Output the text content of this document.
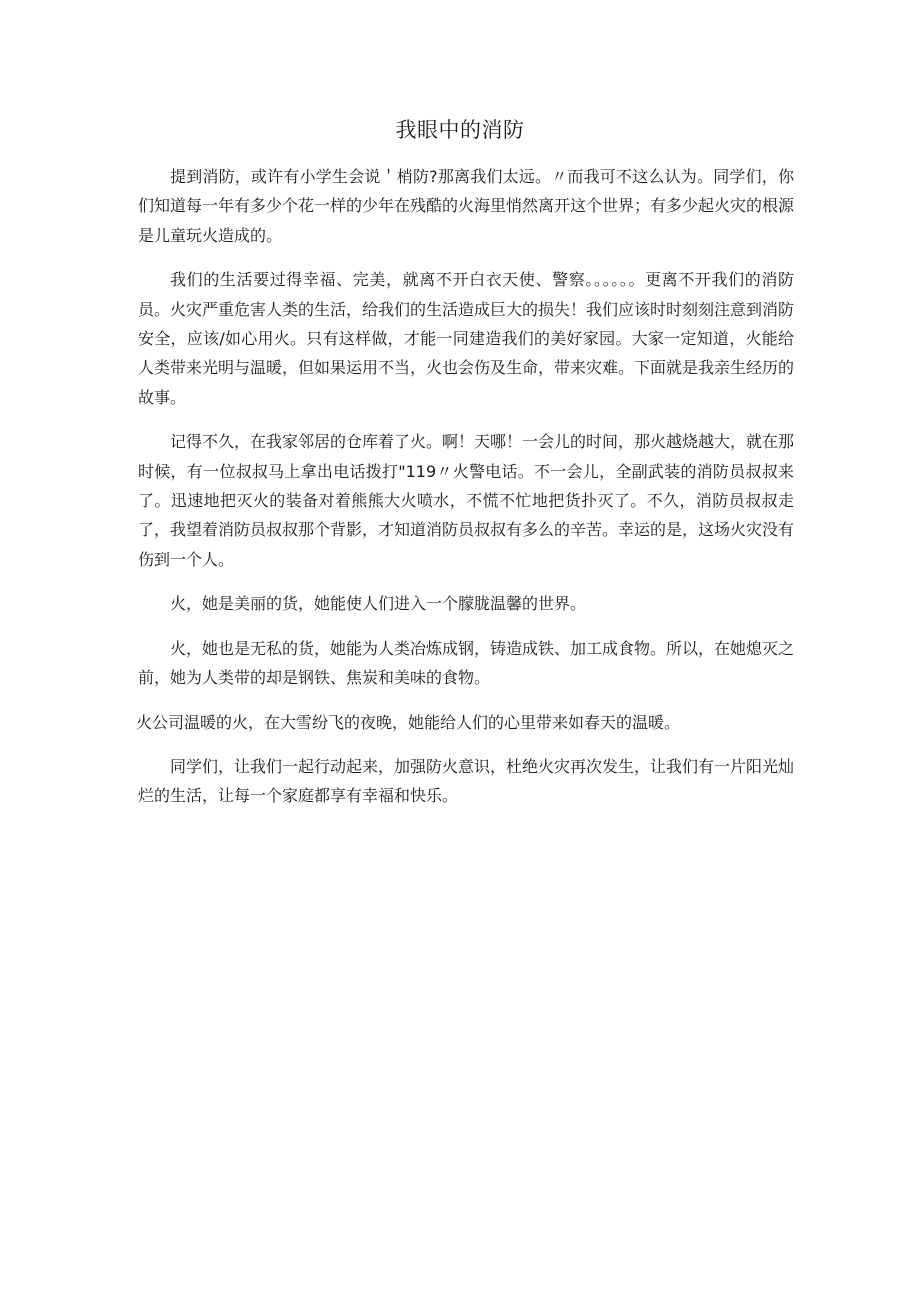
我眼中的消防

提到消防，或许有小学生会说＇梢防?那离我们太远。〃而我可不这么认为。同学们，你们知道每一年有多少个花一样的少年在残酷的火海里悄然离开这个世界；有多少起火灾的根源是儿童玩火造成的。

我们的生活要过得幸福、完美，就离不开白衣天使、警察。。。。。。更离不开我们的消防员。火灾严重危害人类的生活，给我们的生活造成巨大的损失！我们应该时时刻刻注意到消防安全，应该/如心用火。只有这样做，才能一同建造我们的美好家园。大家一定知道，火能给人类带来光明与温暖，但如果运用不当，火也会伤及生命，带来灾难。下面就是我亲生经历的故事。

记得不久，在我家邻居的仓库着了火。啊！天哪！一会儿的时间，那火越烧越大，就在那时候，有一位叔叔马上拿出电话拨打"119〃火警电话。不一会儿，全副武装的消防员叔叔来了。迅速地把灭火的装备对着熊熊大火喷水，不慌不忙地把货扑灭了。不久，消防员叔叔走了，我望着消防员叔叔那个背影，才知道消防员叔叔有多么的辛苦。幸运的是，这场火灾没有伤到一个人。

火，她是美丽的货，她能使人们进入一个朦胧温馨的世界。

火，她也是无私的货，她能为人类冶炼成钢，铸造成铁、加工成食物。所以，在她熄灭之前，她为人类带的却是钢铁、焦炭和美味的食物。

火公司温暖的火，在大雪纷飞的夜晚，她能给人们的心里带来如春天的温暖。

同学们，让我们一起行动起来，加强防火意识，杜绝火灾再次发生，让我们有一片阳光灿烂的生活，让每一个家庭都享有幸福和快乐。
